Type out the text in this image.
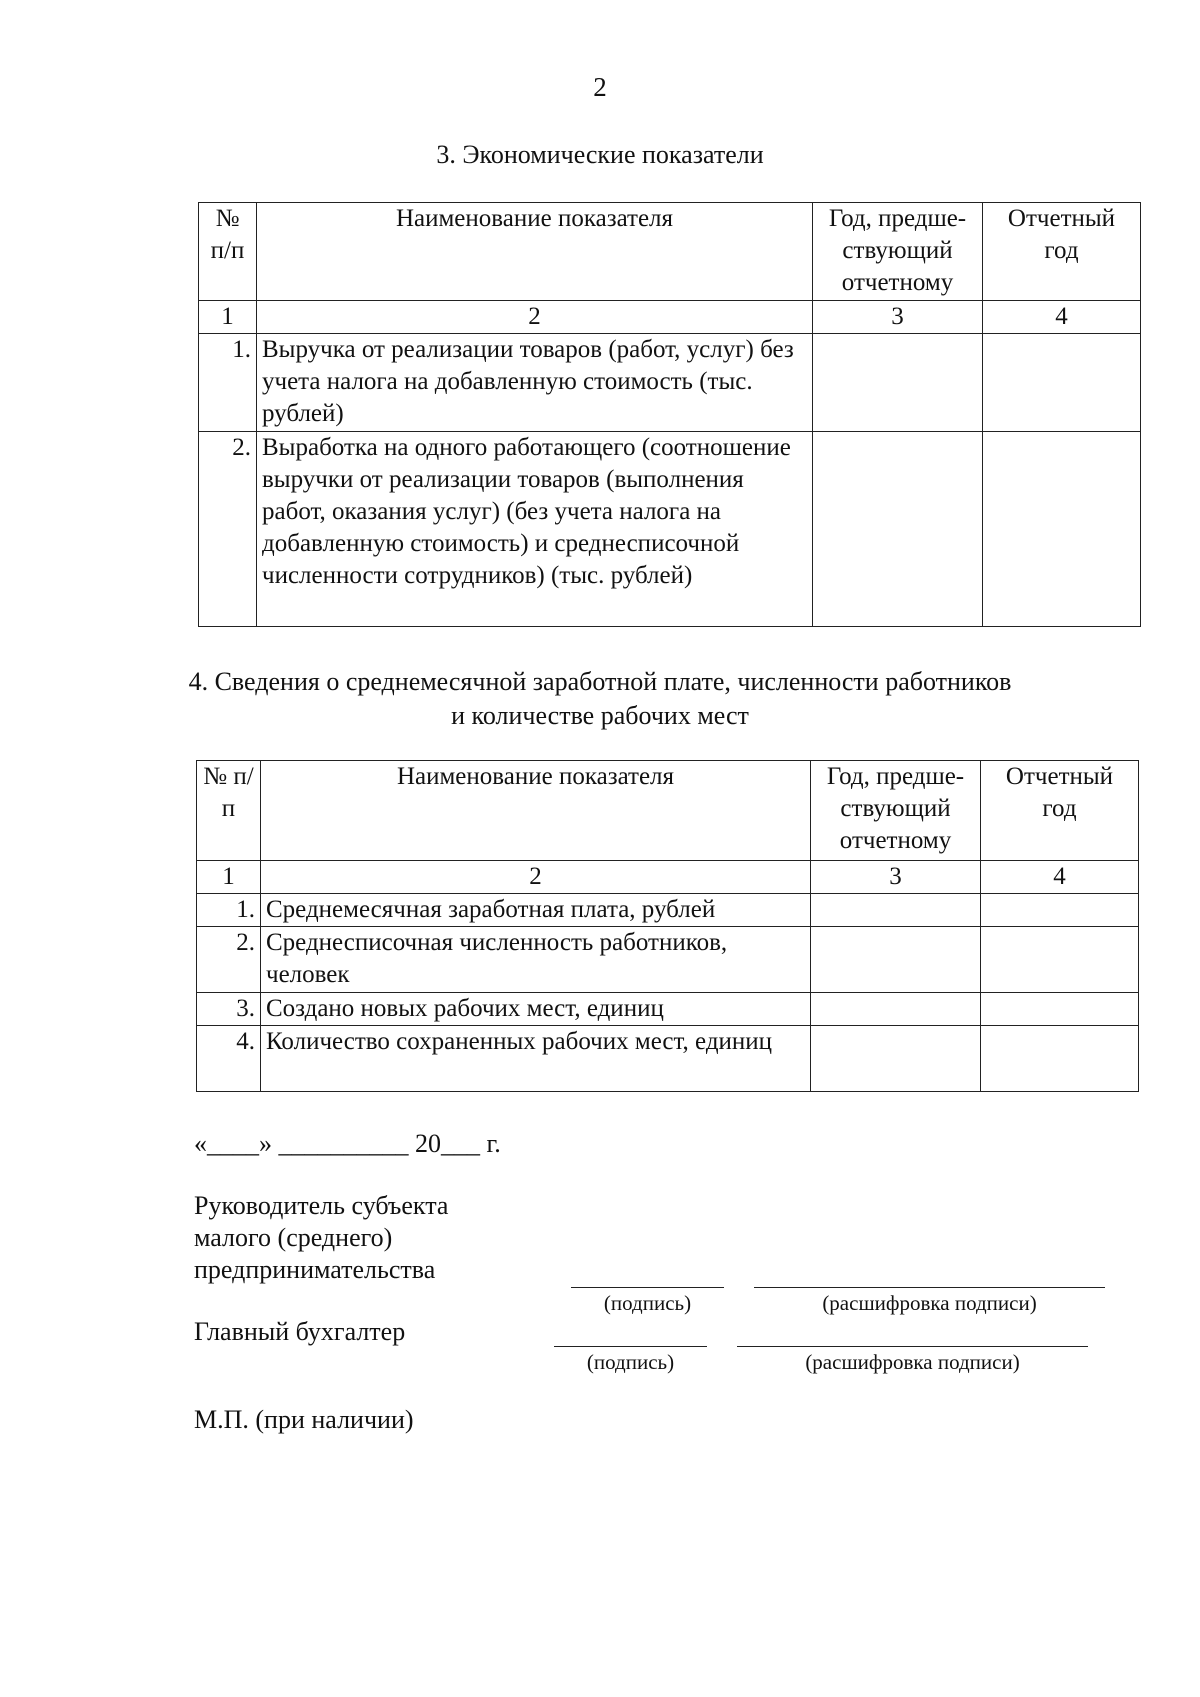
2
3. Экономические показатели
№ п/п	Наименование показателя	Год, предше-ствующий отчетному	Отчетный год
1	2	3	4
1.	Выручка от реализации товаров (работ, услуг) без учета налога на добавленную стоимость (тыс. рублей)		
2.	Выработка на одного работающего (соотношение выручки от реализации товаров (выполнения работ, оказания услуг) (без учета налога на добавленную стоимость) и среднесписочной численности сотрудников) (тыс. рублей)		
4. Сведения о среднемесячной заработной плате, численности работников
и количестве рабочих мест
№ п/п	Наименование показателя	Год, предше-ствующий отчетному	Отчетный год
1	2	3	4
1.	Среднемесячная заработная плата, рублей		
2.	Среднесписочная численность работников, человек		
3.	Создано новых рабочих мест, единиц		
4.	Количество сохраненных рабочих мест, единиц		
«____» __________ 20___ г.
Руководитель субъекта малого (среднего) предпринимательства
(подпись)	(расшифровка подписи)
Главный бухгалтер
(подпись)	(расшифровка подписи)
М.П. (при наличии)
